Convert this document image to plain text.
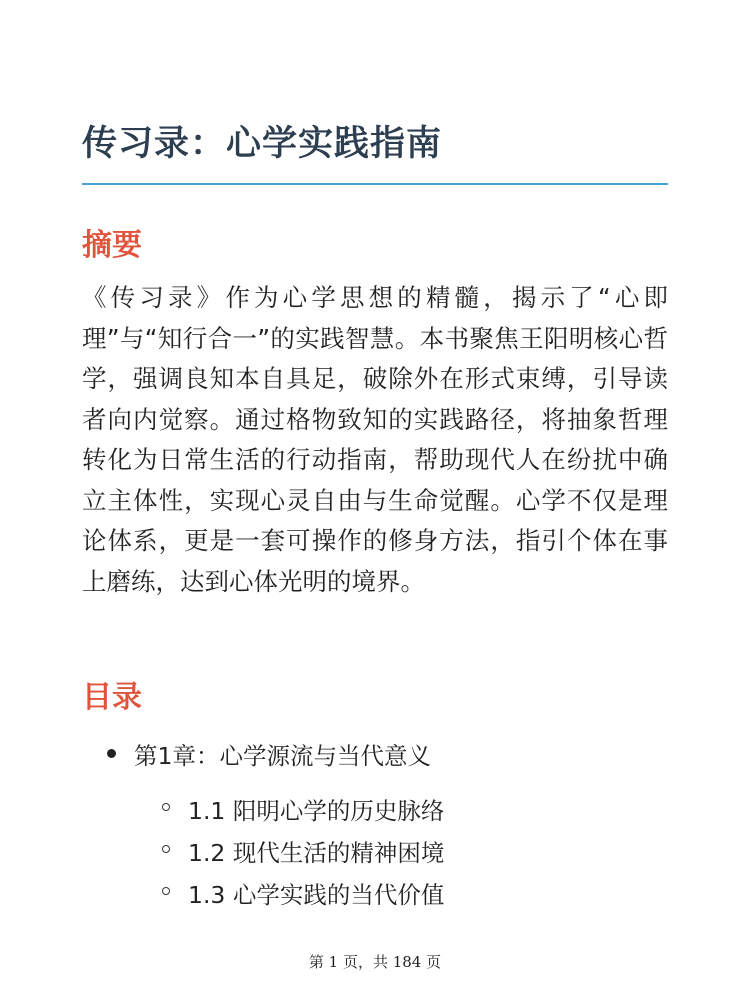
传习录：心学实践指南
摘要

《传习录》作为心学思想的精髓，揭示了“心即理”与“知行合一”的实践智慧。本书聚焦王阳明核心哲学，强调良知本自具足，破除外在形式束缚，引导读者向内觉察。通过格物致知的实践路径，将抽象哲理转化为日常生活的行动指南，帮助现代人在纷扰中确立主体性，实现心灵自由与生命觉醒。心学不仅是理论体系，更是一套可操作的修身方法，指引个体在事上磨练，达到心体光明的境界。

目录
第1章：心学源流与当代意义
1.1 阳明心学的历史脉络
1.2 现代生活的精神困境
1.3 心学实践的当代价值
第 1 页，共 184 页
